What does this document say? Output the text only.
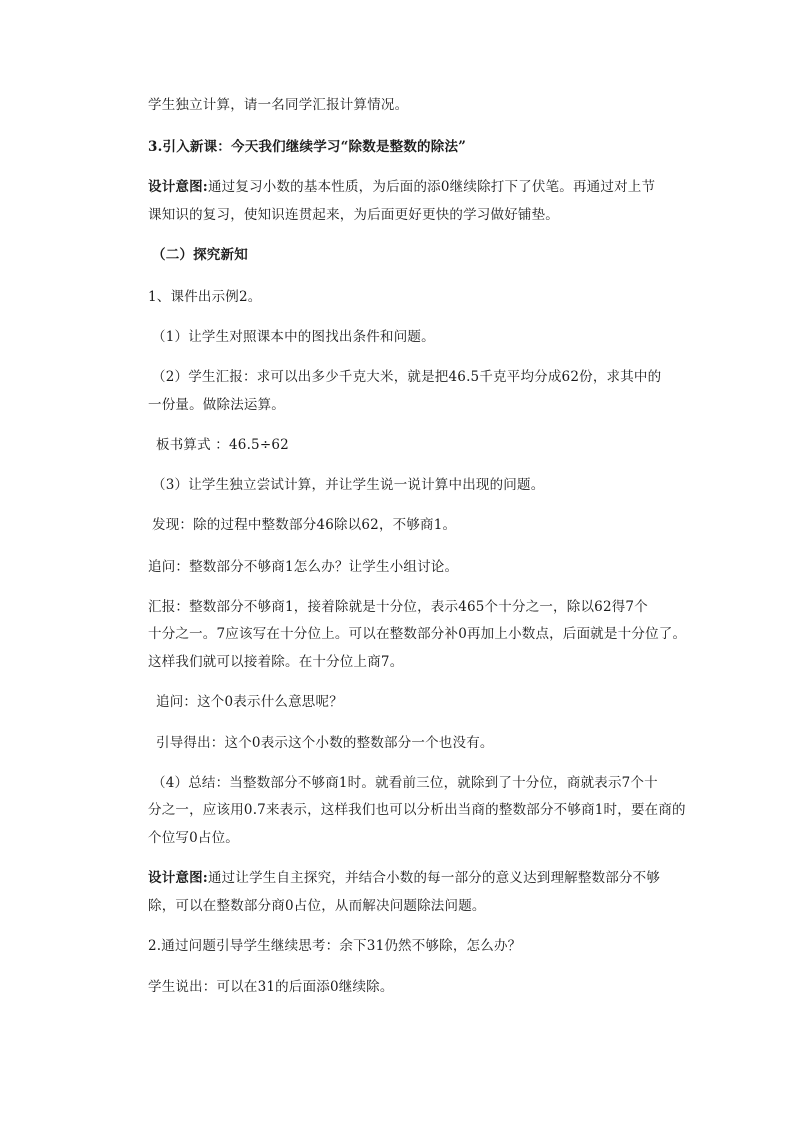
学生独立计算，请一名同学汇报计算情况。
3.引入新课：今天我们继续学习“除数是整数的除法”
设计意图:通过复习小数的基本性质，为后面的添0继续除打下了伏笔。再通过对上节
课知识的复习，使知识连贯起来，为后面更好更快的学习做好铺垫。
（二）探究新知
1、课件出示例2。
（1）让学生对照课本中的图找出条件和问题。
（2）学生汇报：求可以出多少千克大米，就是把46.5千克平均分成62份，求其中的
一份量。做除法运算。
板书算式 ：46.5÷62
（3）让学生独立尝试计算，并让学生说一说计算中出现的问题。
发现：除的过程中整数部分46除以62，不够商1。
追问：整数部分不够商1怎么办？让学生小组讨论。
汇报：整数部分不够商1，接着除就是十分位，表示465个十分之一，除以62得7个
十分之一。7应该写在十分位上。可以在整数部分补0再加上小数点，后面就是十分位了。
这样我们就可以接着除。在十分位上商7。
追问：这个0表示什么意思呢？
引导得出：这个0表示这个小数的整数部分一个也没有。
（4）总结：当整数部分不够商1时。就看前三位，就除到了十分位，商就表示7个十
分之一，应该用0.7来表示，这样我们也可以分析出当商的整数部分不够商1时，要在商的
个位写0占位。
设计意图:通过让学生自主探究，并结合小数的每一部分的意义达到理解整数部分不够
除，可以在整数部分商0占位，从而解决问题除法问题。
2.通过问题引导学生继续思考：余下31仍然不够除，怎么办？
学生说出：可以在31的后面添0继续除。
